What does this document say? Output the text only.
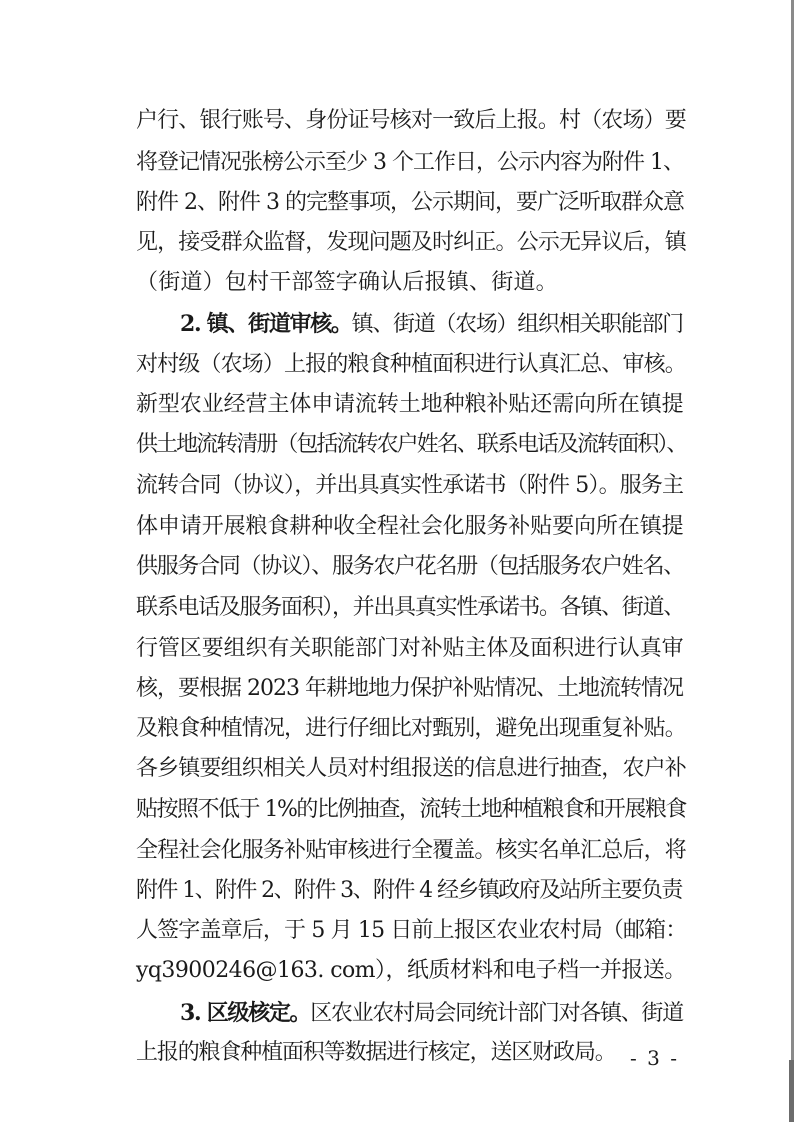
户行、银行账号、身份证号核对一致后上报。村（农场）要
将登记情况张榜公示至少 3 个工作日，公示内容为附件 1、
附件 2、附件 3 的完整事项，公示期间，要广泛听取群众意
见，接受群众监督，发现问题及时纠正。公示无异议后，镇
（街道）包村干部签字确认后报镇、街道。
2. 镇、街道审核。镇、街道（农场）组织相关职能部门
对村级（农场）上报的粮食种植面积进行认真汇总、审核。
新型农业经营主体申请流转土地种粮补贴还需向所在镇提
供土地流转清册（包括流转农户姓名、联系电话及流转面积）、
流转合同（协议），并出具真实性承诺书（附件 5）。服务主
体申请开展粮食耕种收全程社会化服务补贴要向所在镇提
供服务合同（协议）、服务农户花名册（包括服务农户姓名、
联系电话及服务面积），并出具真实性承诺书。各镇、街道、
行管区要组织有关职能部门对补贴主体及面积进行认真审
核，要根据 2023 年耕地地力保护补贴情况、土地流转情况
及粮食种植情况，进行仔细比对甄别，避免出现重复补贴。
各乡镇要组织相关人员对村组报送的信息进行抽查，农户补
贴按照不低于 1%的比例抽查，流转土地种植粮食和开展粮食
全程社会化服务补贴审核进行全覆盖。核实名单汇总后，将
附件 1、附件 2、附件 3、附件 4 经乡镇政府及站所主要负责
人签字盖章后，于 5 月 15 日前上报区农业农村局（邮箱：
yq3900246@163. com），纸质材料和电子档一并报送。
3. 区级核定。区农业农村局会同统计部门对各镇、街道
上报的粮食种植面积等数据进行核定，送区财政局。 - 3 -
